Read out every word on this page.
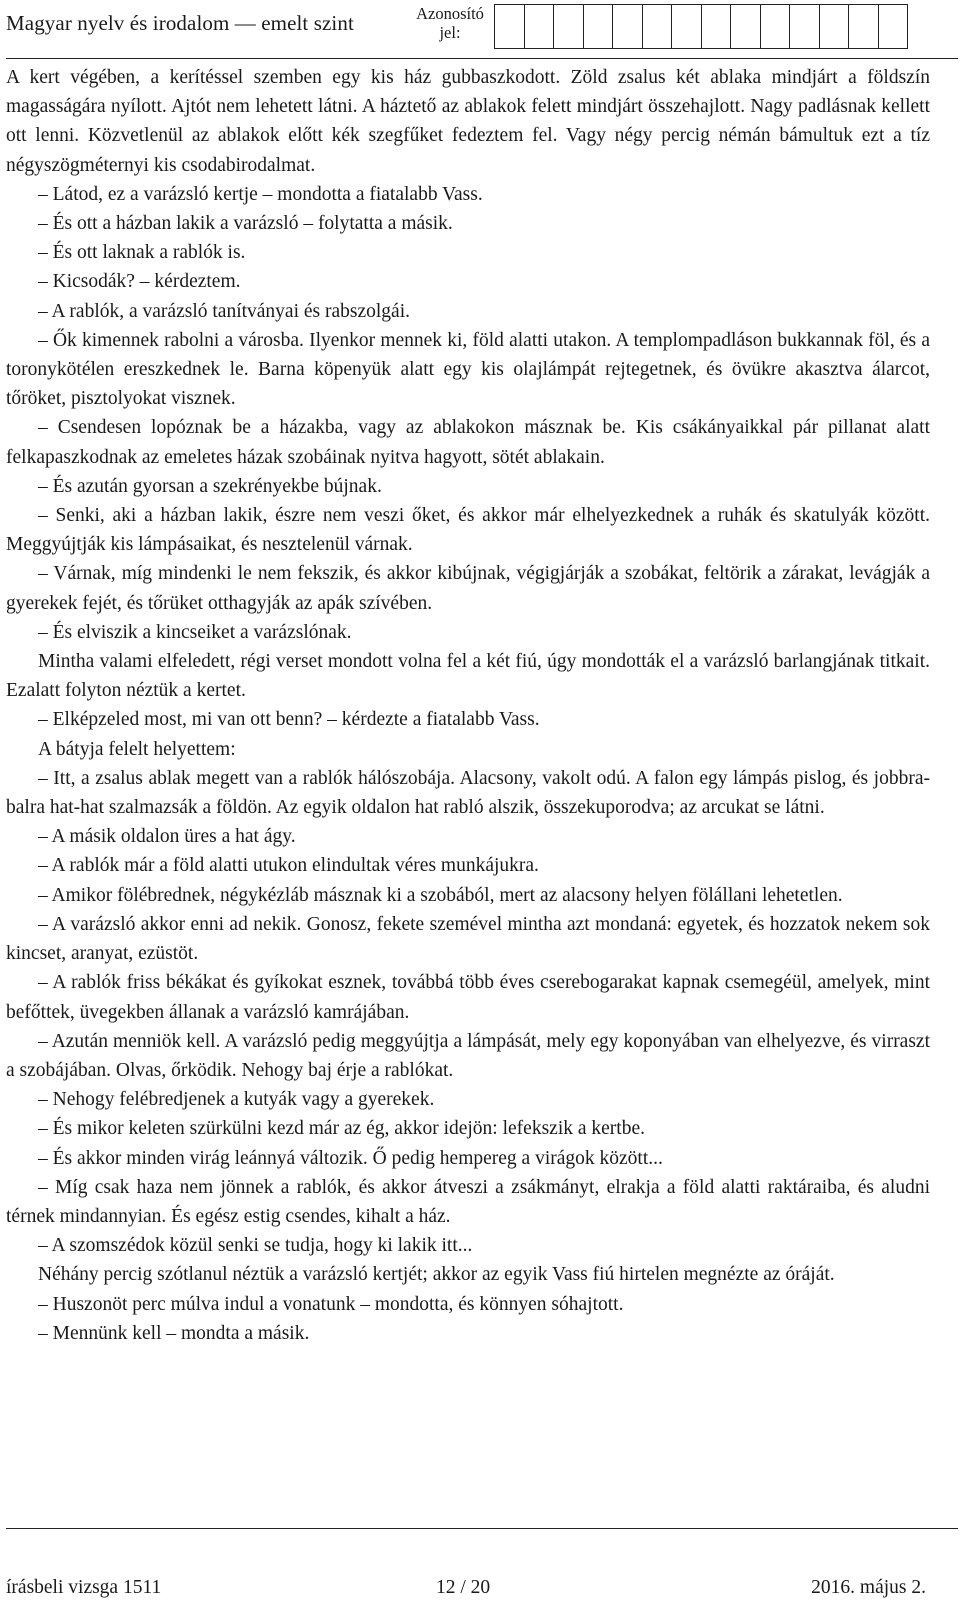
Magyar nyelv és irodalom — emelt szint	Azonosító jel:

A kert végében, a kerítéssel szemben egy kis ház gubbaszkodott. Zöld zsalus két ablaka mindjárt a földszín magasságára nyílott. Ajtót nem lehetett látni. A háztető az ablakok felett mindjárt összehajlott. Nagy padlásnak kellett ott lenni. Közvetlenül az ablakok előtt kék szegfűket fedeztem fel. Vagy négy percig némán bámultuk ezt a tíz négyszögméternyi kis csodabirodalmat.

– Látod, ez a varázsló kertje – mondotta a fiatalabb Vass.

– És ott a házban lakik a varázsló – folytatta a másik.

– És ott laknak a rablók is.

– Kicsodák? – kérdeztem.

– A rablók, a varázsló tanítványai és rabszolgái.

– Ők kimennek rabolni a városba. Ilyenkor mennek ki, föld alatti utakon. A templompadláson bukkannak föl, és a toronykötélen ereszkednek le. Barna köpenyük alatt egy kis olajlámpát rejtegetnek, és övükre akasztva álarcot, tőröket, pisztolyokat visznek.

– Csendesen lopóznak be a házakba, vagy az ablakokon másznak be. Kis csákányaikkal pár pillanat alatt felkapaszkodnak az emeletes házak szobáinak nyitva hagyott, sötét ablakain.

– És azután gyorsan a szekrényekbe bújnak.

– Senki, aki a házban lakik, észre nem veszi őket, és akkor már elhelyezkednek a ruhák és skatulyák között. Meggyújtják kis lámpásaikat, és nesztelenül várnak.

– Várnak, míg mindenki le nem fekszik, és akkor kibújnak, végigjárják a szobákat, feltörik a zárakat, levágják a gyerekek fejét, és tőrüket otthagyják az apák szívében.

– És elviszik a kincseiket a varázslónak.

Mintha valami elfeledett, régi verset mondott volna fel a két fiú, úgy mondották el a varázsló barlangjának titkait. Ezalatt folyton néztük a kertet.

– Elképzeled most, mi van ott benn? – kérdezte a fiatalabb Vass.

A bátyja felelt helyettem:

– Itt, a zsalus ablak megett van a rablók hálószobája. Alacsony, vakolt odú. A falon egy lámpás pislog, és jobbra-balra hat-hat szalmazsák a földön. Az egyik oldalon hat rabló alszik, összekuporodva; az arcukat se látni.

– A másik oldalon üres a hat ágy.

– A rablók már a föld alatti utukon elindultak véres munkájukra.

– Amikor fölébrednek, négykézláb másznak ki a szobából, mert az alacsony helyen fölállani lehetetlen.

– A varázsló akkor enni ad nekik. Gonosz, fekete szemével mintha azt mondaná: egyetek, és hozzatok nekem sok kincset, aranyat, ezüstöt.

– A rablók friss békákat és gyíkokat esznek, továbbá több éves cserebogarakat kapnak csemegéül, amelyek, mint befőttek, üvegekben állanak a varázsló kamrájában.

– Azután menniök kell. A varázsló pedig meggyújtja a lámpását, mely egy koponyában van elhelyezve, és virraszt a szobájában. Olvas, őrködik. Nehogy baj érje a rablókat.

– Nehogy felébredjenek a kutyák vagy a gyerekek.

– És mikor keleten szürkülni kezd már az ég, akkor idejön: lefekszik a kertbe.

– És akkor minden virág leánnyá változik. Ő pedig hempereg a virágok között...

– Míg csak haza nem jönnek a rablók, és akkor átveszi a zsákmányt, elrakja a föld alatti raktáraiba, és aludni térnek mindannyian. És egész estig csendes, kihalt a ház.

– A szomszédok közül senki se tudja, hogy ki lakik itt...

Néhány percig szótlanul néztük a varázsló kertjét; akkor az egyik Vass fiú hirtelen megnézte az óráját.

– Huszonöt perc múlva indul a vonatunk – mondotta, és könnyen sóhajtott.

– Mennünk kell – mondta a másik.

írásbeli vizsga 1511	12 / 20	2016. május 2.
